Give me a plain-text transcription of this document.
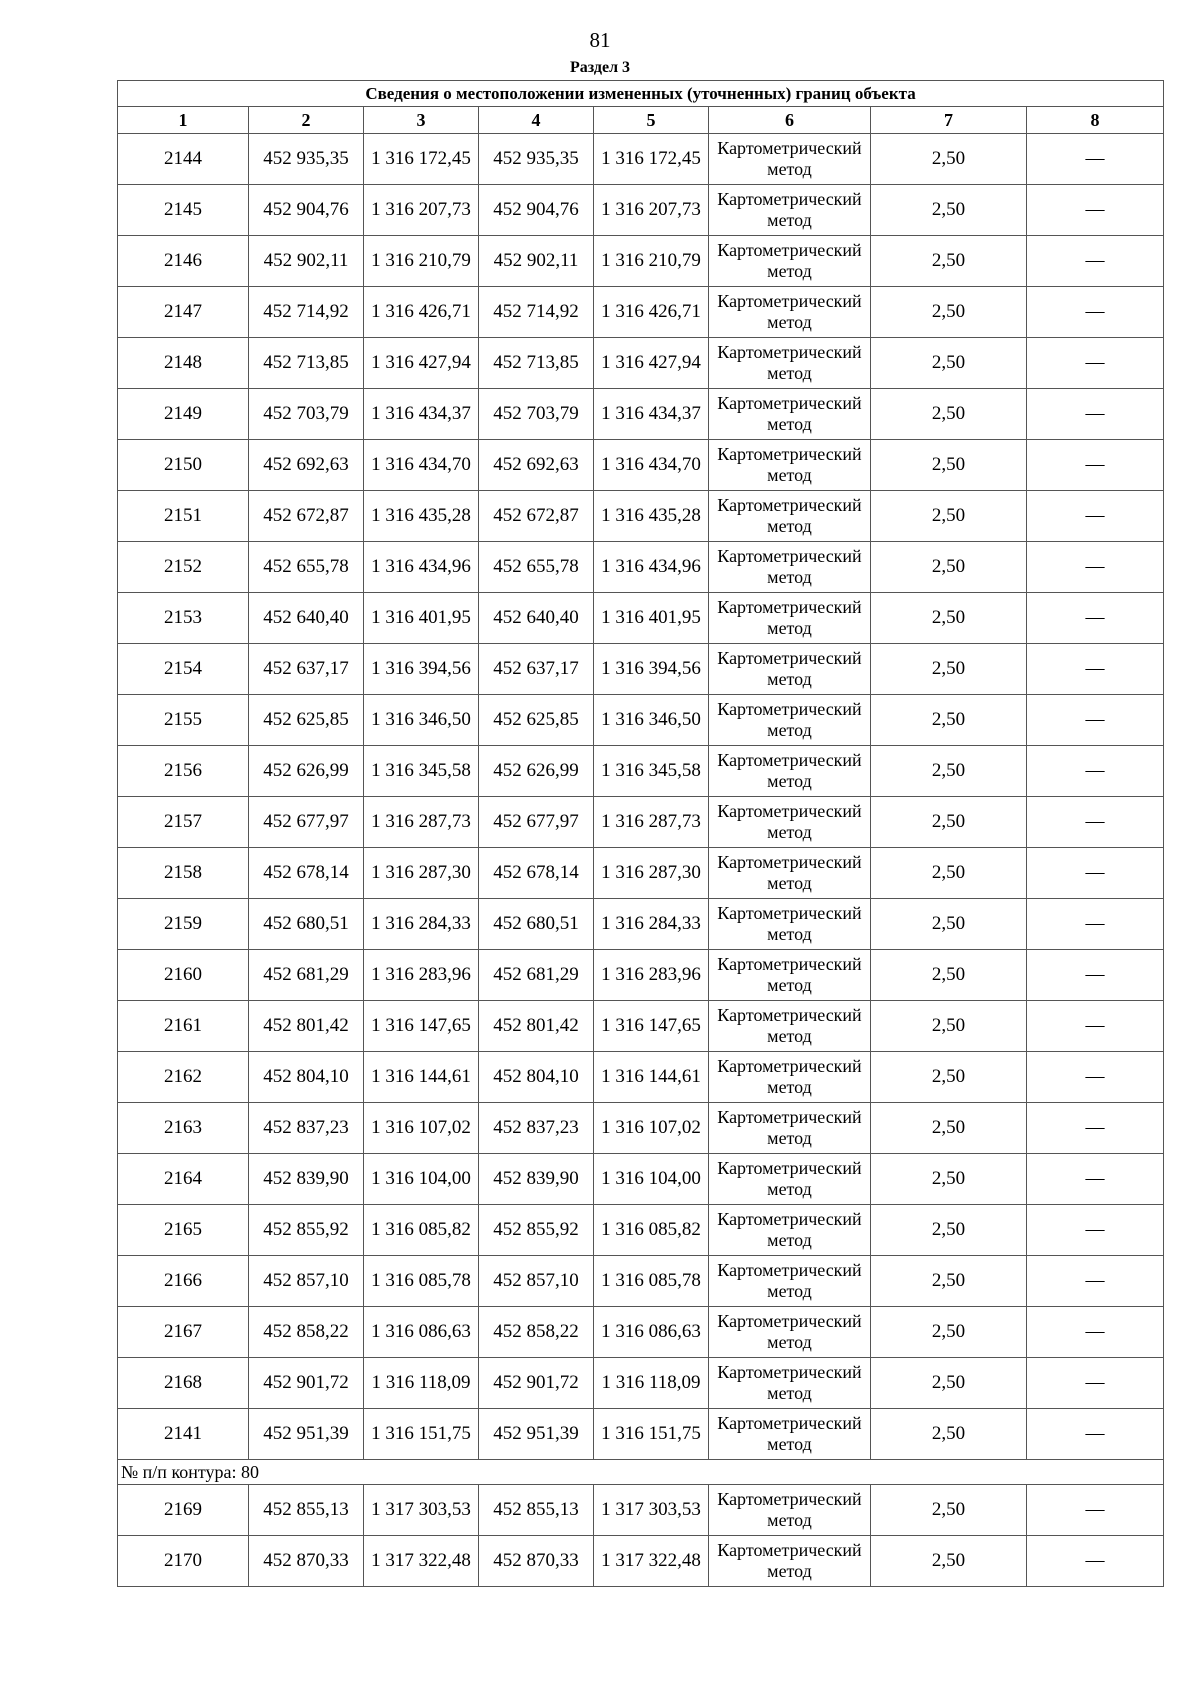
81
Раздел 3
Сведения о местоположении измененных (уточненных) границ объекта							
1	2	3	4	5	6	7	8
2144	452 935,35	1 316 172,45	452 935,35	1 316 172,45	Картометрический метод	2,50	—
2145	452 904,76	1 316 207,73	452 904,76	1 316 207,73	Картометрический метод	2,50	—
2146	452 902,11	1 316 210,79	452 902,11	1 316 210,79	Картометрический метод	2,50	—
2147	452 714,92	1 316 426,71	452 714,92	1 316 426,71	Картометрический метод	2,50	—
2148	452 713,85	1 316 427,94	452 713,85	1 316 427,94	Картометрический метод	2,50	—
2149	452 703,79	1 316 434,37	452 703,79	1 316 434,37	Картометрический метод	2,50	—
2150	452 692,63	1 316 434,70	452 692,63	1 316 434,70	Картометрический метод	2,50	—
2151	452 672,87	1 316 435,28	452 672,87	1 316 435,28	Картометрический метод	2,50	—
2152	452 655,78	1 316 434,96	452 655,78	1 316 434,96	Картометрический метод	2,50	—
2153	452 640,40	1 316 401,95	452 640,40	1 316 401,95	Картометрический метод	2,50	—
2154	452 637,17	1 316 394,56	452 637,17	1 316 394,56	Картометрический метод	2,50	—
2155	452 625,85	1 316 346,50	452 625,85	1 316 346,50	Картометрический метод	2,50	—
2156	452 626,99	1 316 345,58	452 626,99	1 316 345,58	Картометрический метод	2,50	—
2157	452 677,97	1 316 287,73	452 677,97	1 316 287,73	Картометрический метод	2,50	—
2158	452 678,14	1 316 287,30	452 678,14	1 316 287,30	Картометрический метод	2,50	—
2159	452 680,51	1 316 284,33	452 680,51	1 316 284,33	Картометрический метод	2,50	—
2160	452 681,29	1 316 283,96	452 681,29	1 316 283,96	Картометрический метод	2,50	—
2161	452 801,42	1 316 147,65	452 801,42	1 316 147,65	Картометрический метод	2,50	—
2162	452 804,10	1 316 144,61	452 804,10	1 316 144,61	Картометрический метод	2,50	—
2163	452 837,23	1 316 107,02	452 837,23	1 316 107,02	Картометрический метод	2,50	—
2164	452 839,90	1 316 104,00	452 839,90	1 316 104,00	Картометрический метод	2,50	—
2165	452 855,92	1 316 085,82	452 855,92	1 316 085,82	Картометрический метод	2,50	—
2166	452 857,10	1 316 085,78	452 857,10	1 316 085,78	Картометрический метод	2,50	—
2167	452 858,22	1 316 086,63	452 858,22	1 316 086,63	Картометрический метод	2,50	—
2168	452 901,72	1 316 118,09	452 901,72	1 316 118,09	Картометрический метод	2,50	—
2141	452 951,39	1 316 151,75	452 951,39	1 316 151,75	Картометрический метод	2,50	—
№ п/п контура: 80							
2169	452 855,13	1 317 303,53	452 855,13	1 317 303,53	Картометрический метод	2,50	—
2170	452 870,33	1 317 322,48	452 870,33	1 317 322,48	Картометрический метод	2,50	—
